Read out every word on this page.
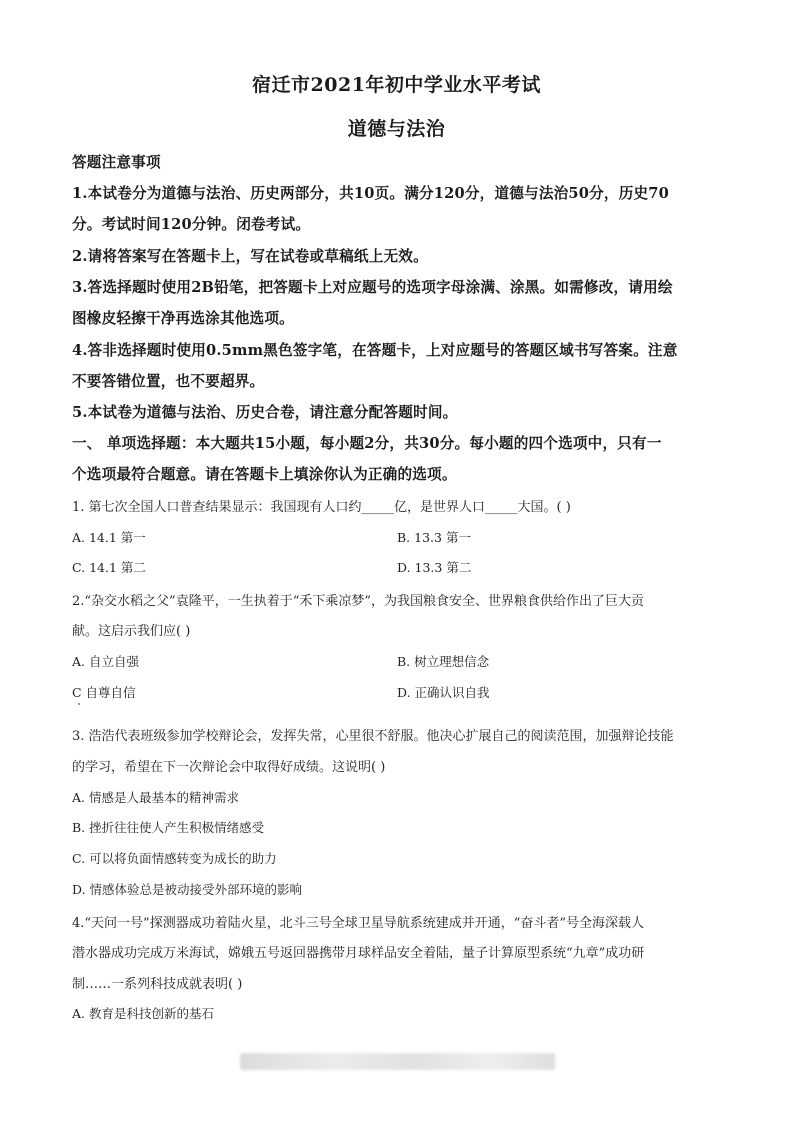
宿迁市2021年初中学业水平考试
道德与法治
答题注意事项
1.本试卷分为道德与法治、历史两部分，共10页。满分120分，道德与法治50分，历史70
分。考试时间120分钟。闭卷考试。
2.请将答案写在答题卡上，写在试卷或草稿纸上无效。
3.答选择题时使用2B铅笔，把答题卡上对应题号的选项字母涂满、涂黑。如需修改，请用绘
图橡皮轻擦干净再选涂其他选项。
4.答非选择题时使用0.5mm黑色签字笔，在答题卡，上对应题号的答题区域书写答案。注意
不要答错位置，也不要超界。
5.本试卷为道德与法治、历史合卷，请注意分配答题时间。
一、 单项选择题：本大题共15小题，每小题2分，共30分。每小题的四个选项中，只有一
个选项最符合题意。请在答题卡上填涂你认为正确的选项。
1. 第七次全国人口普查结果显示：我国现有人口约_____亿，是世界人口_____大国。( )
A. 14.1 第一	B. 13.3 第一
C. 14.1 第二	D. 13.3 第二
2.“杂交水稻之父”袁隆平，一生执着于“禾下乘凉梦”，为我国粮食安全、世界粮食供给作出了巨大贡
献。这启示我们应( )
A. 自立自强	B. 树立理想信念
C 自尊自信	D. 正确认识自我
3. 浩浩代表班级参加学校辩论会，发挥失常，心里很不舒服。他决心扩展自己的阅读范围，加强辩论技能
的学习，希望在下一次辩论会中取得好成绩。这说明( )
A. 情感是人最基本的精神需求
B. 挫折往往使人产生积极情绪感受
C. 可以将负面情感转变为成长的助力
D. 情感体验总是被动接受外部环境的影响
4.“天问一号”探测器成功着陆火星，北斗三号全球卫星导航系统建成并开通，“奋斗者”号全海深载人
潜水器成功完成万米海试，嫦娥五号返回器携带月球样品安全着陆，量子计算原型系统“九章”成功研
制……一系列科技成就表明( )
A. 教育是科技创新的基石
